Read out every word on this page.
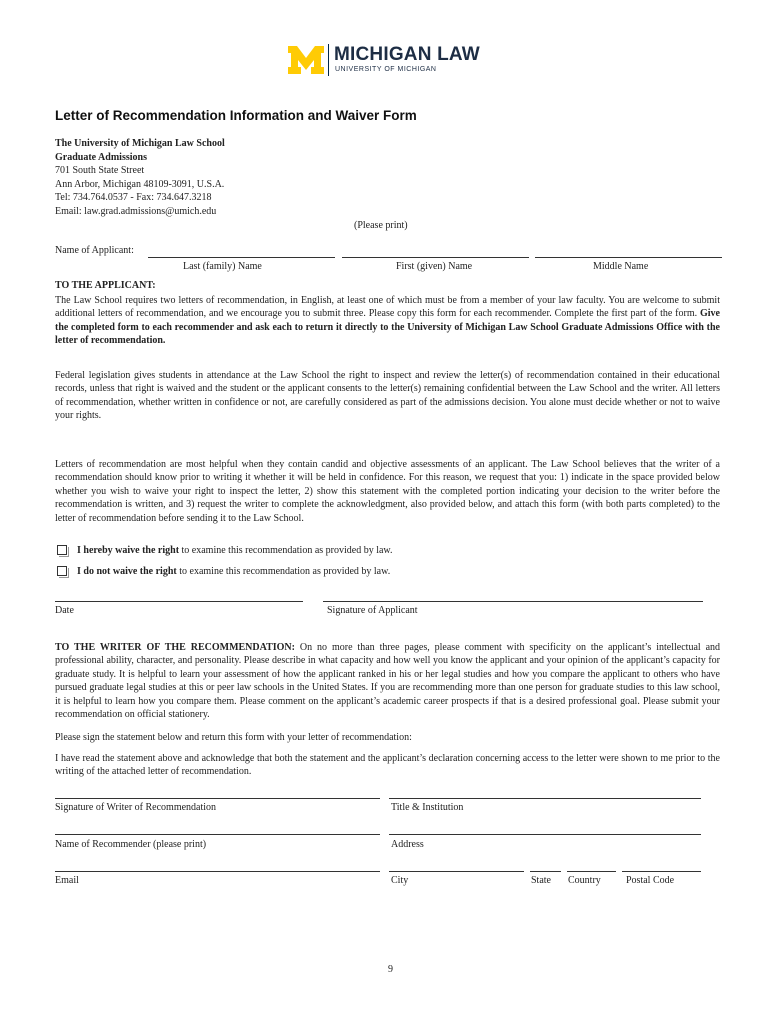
MICHIGAN LAW
UNIVERSITY OF MICHIGAN
Letter of Recommendation Information and Waiver Form
The University of Michigan Law School
Graduate Admissions
701 South State Street
Ann Arbor, Michigan 48109-3091, U.S.A.
Tel: 734.764.0537 - Fax: 734.647.3218
Email: law.grad.admissions@umich.edu
(Please print)
Name of Applicant:
Last (family) Name	First (given) Name	Middle Name
TO THE APPLICANT:

The Law School requires two letters of recommendation, in English, at least one of which must be from a member of your law faculty. You are welcome to submit additional letters of recommendation, and we encourage you to submit three. Please copy this form for each recommender. Complete the first part of the form. Give the completed form to each recommender and ask each to return it directly to the University of Michigan Law School Graduate Admissions Office with the letter of recommendation.

Federal legislation gives students in attendance at the Law School the right to inspect and review the letter(s) of recommendation contained in their educational records, unless that right is waived and the student or the applicant consents to the letter(s) remaining confidential between the Law School and the writer. All letters of recommendation, whether written in confidence or not, are carefully considered as part of the admissions decision. You alone must decide whether or not to waive your rights.

Letters of recommendation are most helpful when they contain candid and objective assessments of an applicant. The Law School believes that the writer of a recommendation should know prior to writing it whether it will be held in confidence. For this reason, we request that you: 1) indicate in the space provided below whether you wish to waive your right to inspect the letter, 2) show this statement with the completed portion indicating your decision to the writer before the recommendation is written, and 3) request the writer to complete the acknowledgment, also provided below, and attach this form (with both parts completed) to the letter of recommendation before sending it to the Law School.

I hereby waive the right to examine this recommendation as provided by law.
I do not waive the right to examine this recommendation as provided by law.
Date	Signature of Applicant

TO THE WRITER OF THE RECOMMENDATION: On no more than three pages, please comment with specificity on the applicant’s intellectual and professional ability, character, and personality. Please describe in what capacity and how well you know the applicant and your opinion of the applicant’s capacity for graduate study. It is helpful to learn your assessment of how the applicant ranked in his or her legal studies and how you compare the applicant to others who have pursued graduate legal studies at this or peer law schools in the United States. If you are recommending more than one person for graduate studies to this law school, it is helpful to learn how you compare them. Please comment on the applicant’s academic career prospects if that is a desired professional goal. Please submit your recommendation on official stationery.

Please sign the statement below and return this form with your letter of recommendation:

I have read the statement above and acknowledge that both the statement and the applicant’s declaration concerning access to the letter were shown to me prior to the writing of the attached letter of recommendation.

Signature of Writer of Recommendation	Title & Institution
Name of Recommender (please print)	Address
Email	City	State Country	Postal Code
9
